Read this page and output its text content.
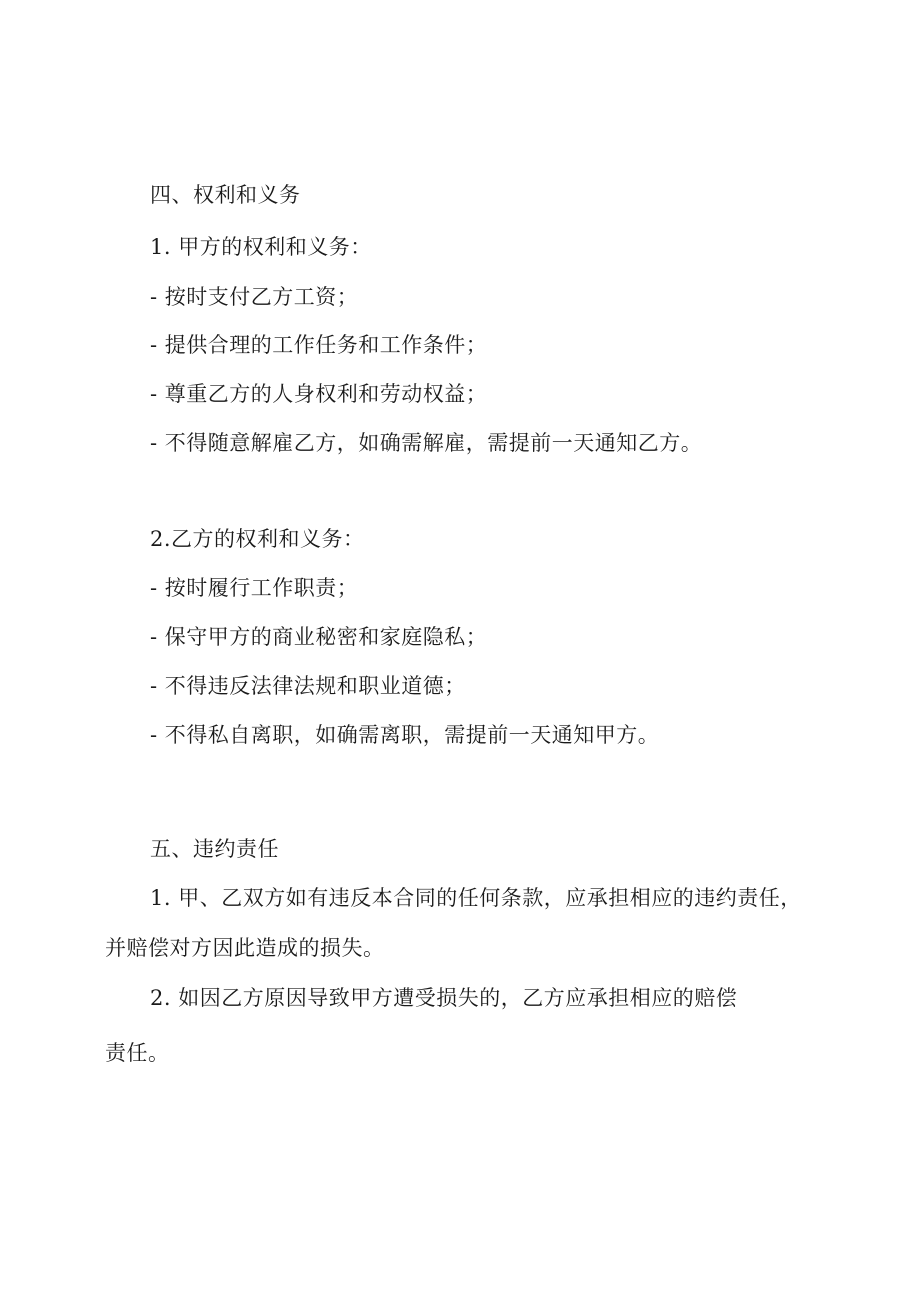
四、权利和义务
1. 甲方的权利和义务：
- 按时支付乙方工资；
- 提供合理的工作任务和工作条件；
- 尊重乙方的人身权利和劳动权益；
- 不得随意解雇乙方，如确需解雇，需提前一天通知乙方。
2.乙方的权利和义务：
- 按时履行工作职责；
- 保守甲方的商业秘密和家庭隐私；
- 不得违反法律法规和职业道德；
- 不得私自离职，如确需离职，需提前一天通知甲方。
五、违约责任
1. 甲、乙双方如有违反本合同的任何条款，应承担相应的违约责任，
并赔偿对方因此造成的损失。
2. 如因乙方原因导致甲方遭受损失的，乙方应承担相应的赔偿
责任。
